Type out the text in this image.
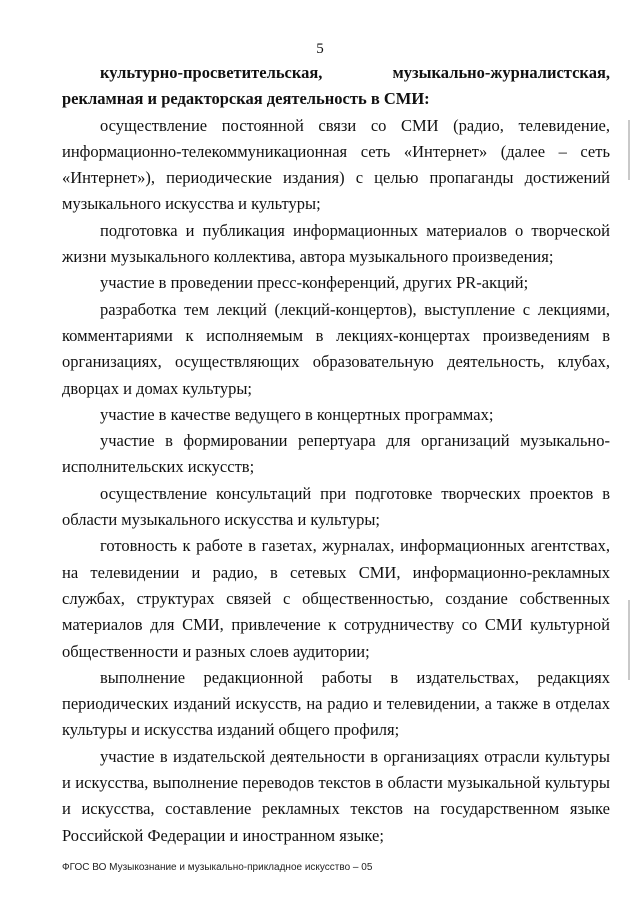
5

культурно-просветительская, музыкально-журналистская, рекламная и редакторская деятельность в СМИ:

осуществление постоянной связи со СМИ (радио, телевидение, информационно-телекоммуникационная сеть «Интернет» (далее – сеть «Интернет»), периодические издания) с целью пропаганды достижений музыкального искусства и культуры;

подготовка и публикация информационных материалов о творческой жизни музыкального коллектива, автора музыкального произведения;

участие в проведении пресс-конференций, других PR-акций;

разработка тем лекций (лекций-концертов), выступление с лекциями, комментариями к исполняемым в лекциях-концертах произведениям в организациях, осуществляющих образовательную деятельность, клубах, дворцах и домах культуры;

участие в качестве ведущего в концертных программах;

участие в формировании репертуара для организаций музыкально-исполнительских искусств;

осуществление консультаций при подготовке творческих проектов в области музыкального искусства и культуры;

готовность к работе в газетах, журналах, информационных агентствах, на телевидении и радио, в сетевых СМИ, информационно-рекламных службах, структурах связей с общественностью, создание собственных материалов для СМИ, привлечение к сотрудничеству со СМИ культурной общественности и разных слоев аудитории;

выполнение редакционной работы в издательствах, редакциях периодических изданий искусств, на радио и телевидении, а также в отделах культуры и искусства изданий общего профиля;

участие в издательской деятельности в организациях отрасли культуры и искусства, выполнение переводов текстов в области музыкальной культуры и искусства, составление рекламных текстов на государственном языке Российской Федерации и иностранном языке;

ФГОС ВО Музыкознание и музыкально-прикладное искусство – 05
